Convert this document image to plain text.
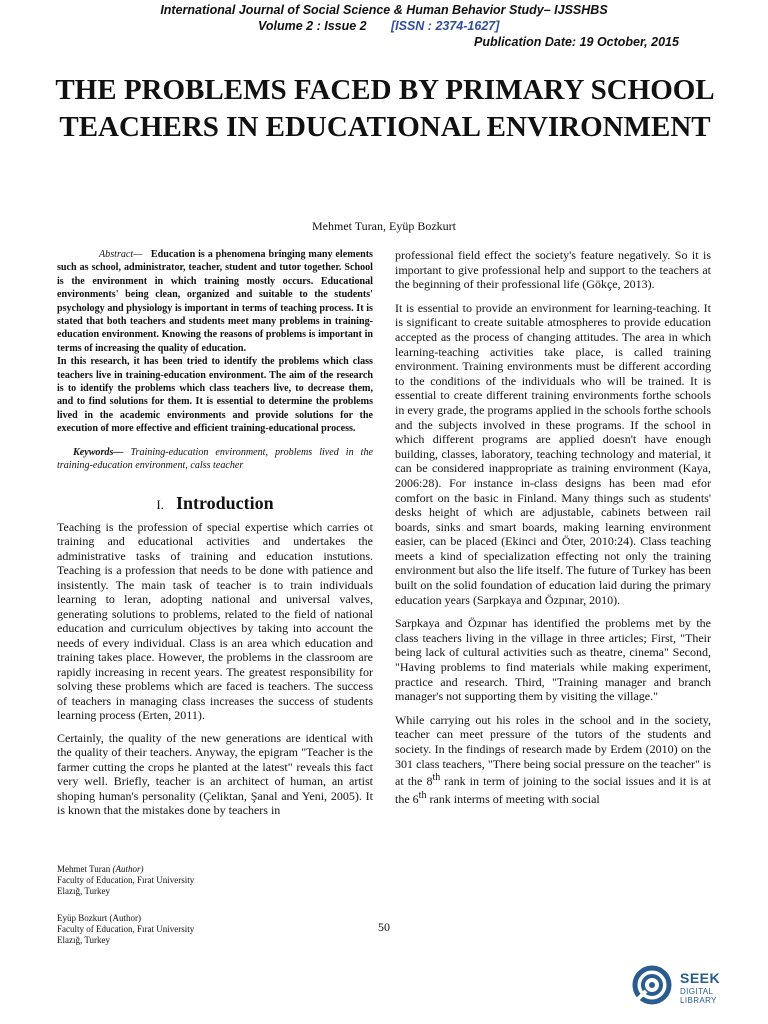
International Journal of Social Science & Human Behavior Study– IJSSHBS
Volume 2 : Issue 2 [ISSN : 2374-1627]
Publication Date: 19 October, 2015
THE PROBLEMS FACED BY PRIMARY SCHOOL TEACHERS IN EDUCATIONAL ENVIRONMENT
Mehmet Turan, Eyüp Bozkurt

Abstract— Education is a phenomena bringing many elements such as school, administrator, teacher, student and tutor together. School is the environment in which training mostly occurs. Educational environments' being clean, organized and suitable to the students' psychology and physiology is important in terms of teaching process. It is stated that both teachers and students meet many problems in training-education environment. Knowing the reasons of problems is important in terms of increasing the quality of education.

In this research, it has been tried to identify the problems which class teachers live in training-education environment. The aim of the research is to identify the problems which class teachers live, to decrease them, and to find solutions for them. It is essential to determine the problems lived in the academic environments and provide solutions for the execution of more effective and efficient training-educational process.

Keywords— Training-education environment, problems lived in the training-education environment, calss teacher

I. Introduction

Teaching is the profession of special expertise which carries ot training and educational activities and undertakes the administrative tasks of training and education instutions. Teaching is a profession that needs to be done with patience and insistently. The main task of teacher is to train individuals learning to leran, adopting national and universal valves, generating solutions to problems, related to the field of national education and curriculum objectives by taking into account the needs of every individual. Class is an area which education and training takes place. However, the problems in the classroom are rapidly increasing in recent years. The greatest responsibility for solving these problems which are faced is teachers. The success of teachers in managing class increases the success of students learning process (Erten, 2011).

Certainly, the quality of the new generations are identical with the quality of their teachers. Anyway, the epigram "Teacher is the farmer cutting the crops he planted at the latest" reveals this fact very well. Briefly, teacher is an architect of human, an artist shoping human's personality (Çeliktan, Şanal and Yeni, 2005). It is known that the mistakes done by teachers in

professional field effect the society's feature negatively. So it is important to give professional help and support to the teachers at the beginning of their professional life (Gökçe, 2013).

It is essential to provide an environment for learning-teaching. It is significant to create suitable atmospheres to provide education accepted as the process of changing attitudes. The area in which learning-teaching activities take place, is called training environment. Training environments must be different according to the conditions of the individuals who will be trained. It is essential to create different training environments forthe schools in every grade, the programs applied in the schools forthe schools and the subjects involved in these programs. If the school in which different programs are applied doesn't have enough building, classes, laboratory, teaching technology and material, it can be considered inappropriate as training environment (Kaya, 2006:28). For instance in-class designs has been mad efor comfort on the basic in Finland. Many things such as students' desks height of which are adjustable, cabinets between rail boards, sinks and smart boards, making learning environment easier, can be placed (Ekinci and Öter, 2010:24). Class teaching meets a kind of specialization effecting not only the training environment but also the life itself. The future of Turkey has been built on the solid foundation of education laid during the primary education years (Sarpkaya and Özpınar, 2010).

Sarpkaya and Özpınar has identified the problems met by the class teachers living in the village in three articles; First, "Their being lack of cultural activities such as theatre, cinema" Second, "Having problems to find materials while making experiment, practice and research. Third, "Training manager and branch manager's not supporting them by visiting the village."

While carrying out his roles in the school and in the society, teacher can meet pressure of the tutors of the students and society. In the findings of research made by Erdem (2010) on the 301 class teachers, "There being social pressure on the teacher" is at the 8th rank in term of joining to the social issues and it is at the 6th rank interms of meeting with social

Mehmet Turan (Author)
Faculty of Education, Fırat University
Elazığ, Turkey
Eyüp Bozkurt (Author)
Faculty of Education, Fırat University
Elazığ, Turkey
50
SEEK
DIGITAL LIBRARY
